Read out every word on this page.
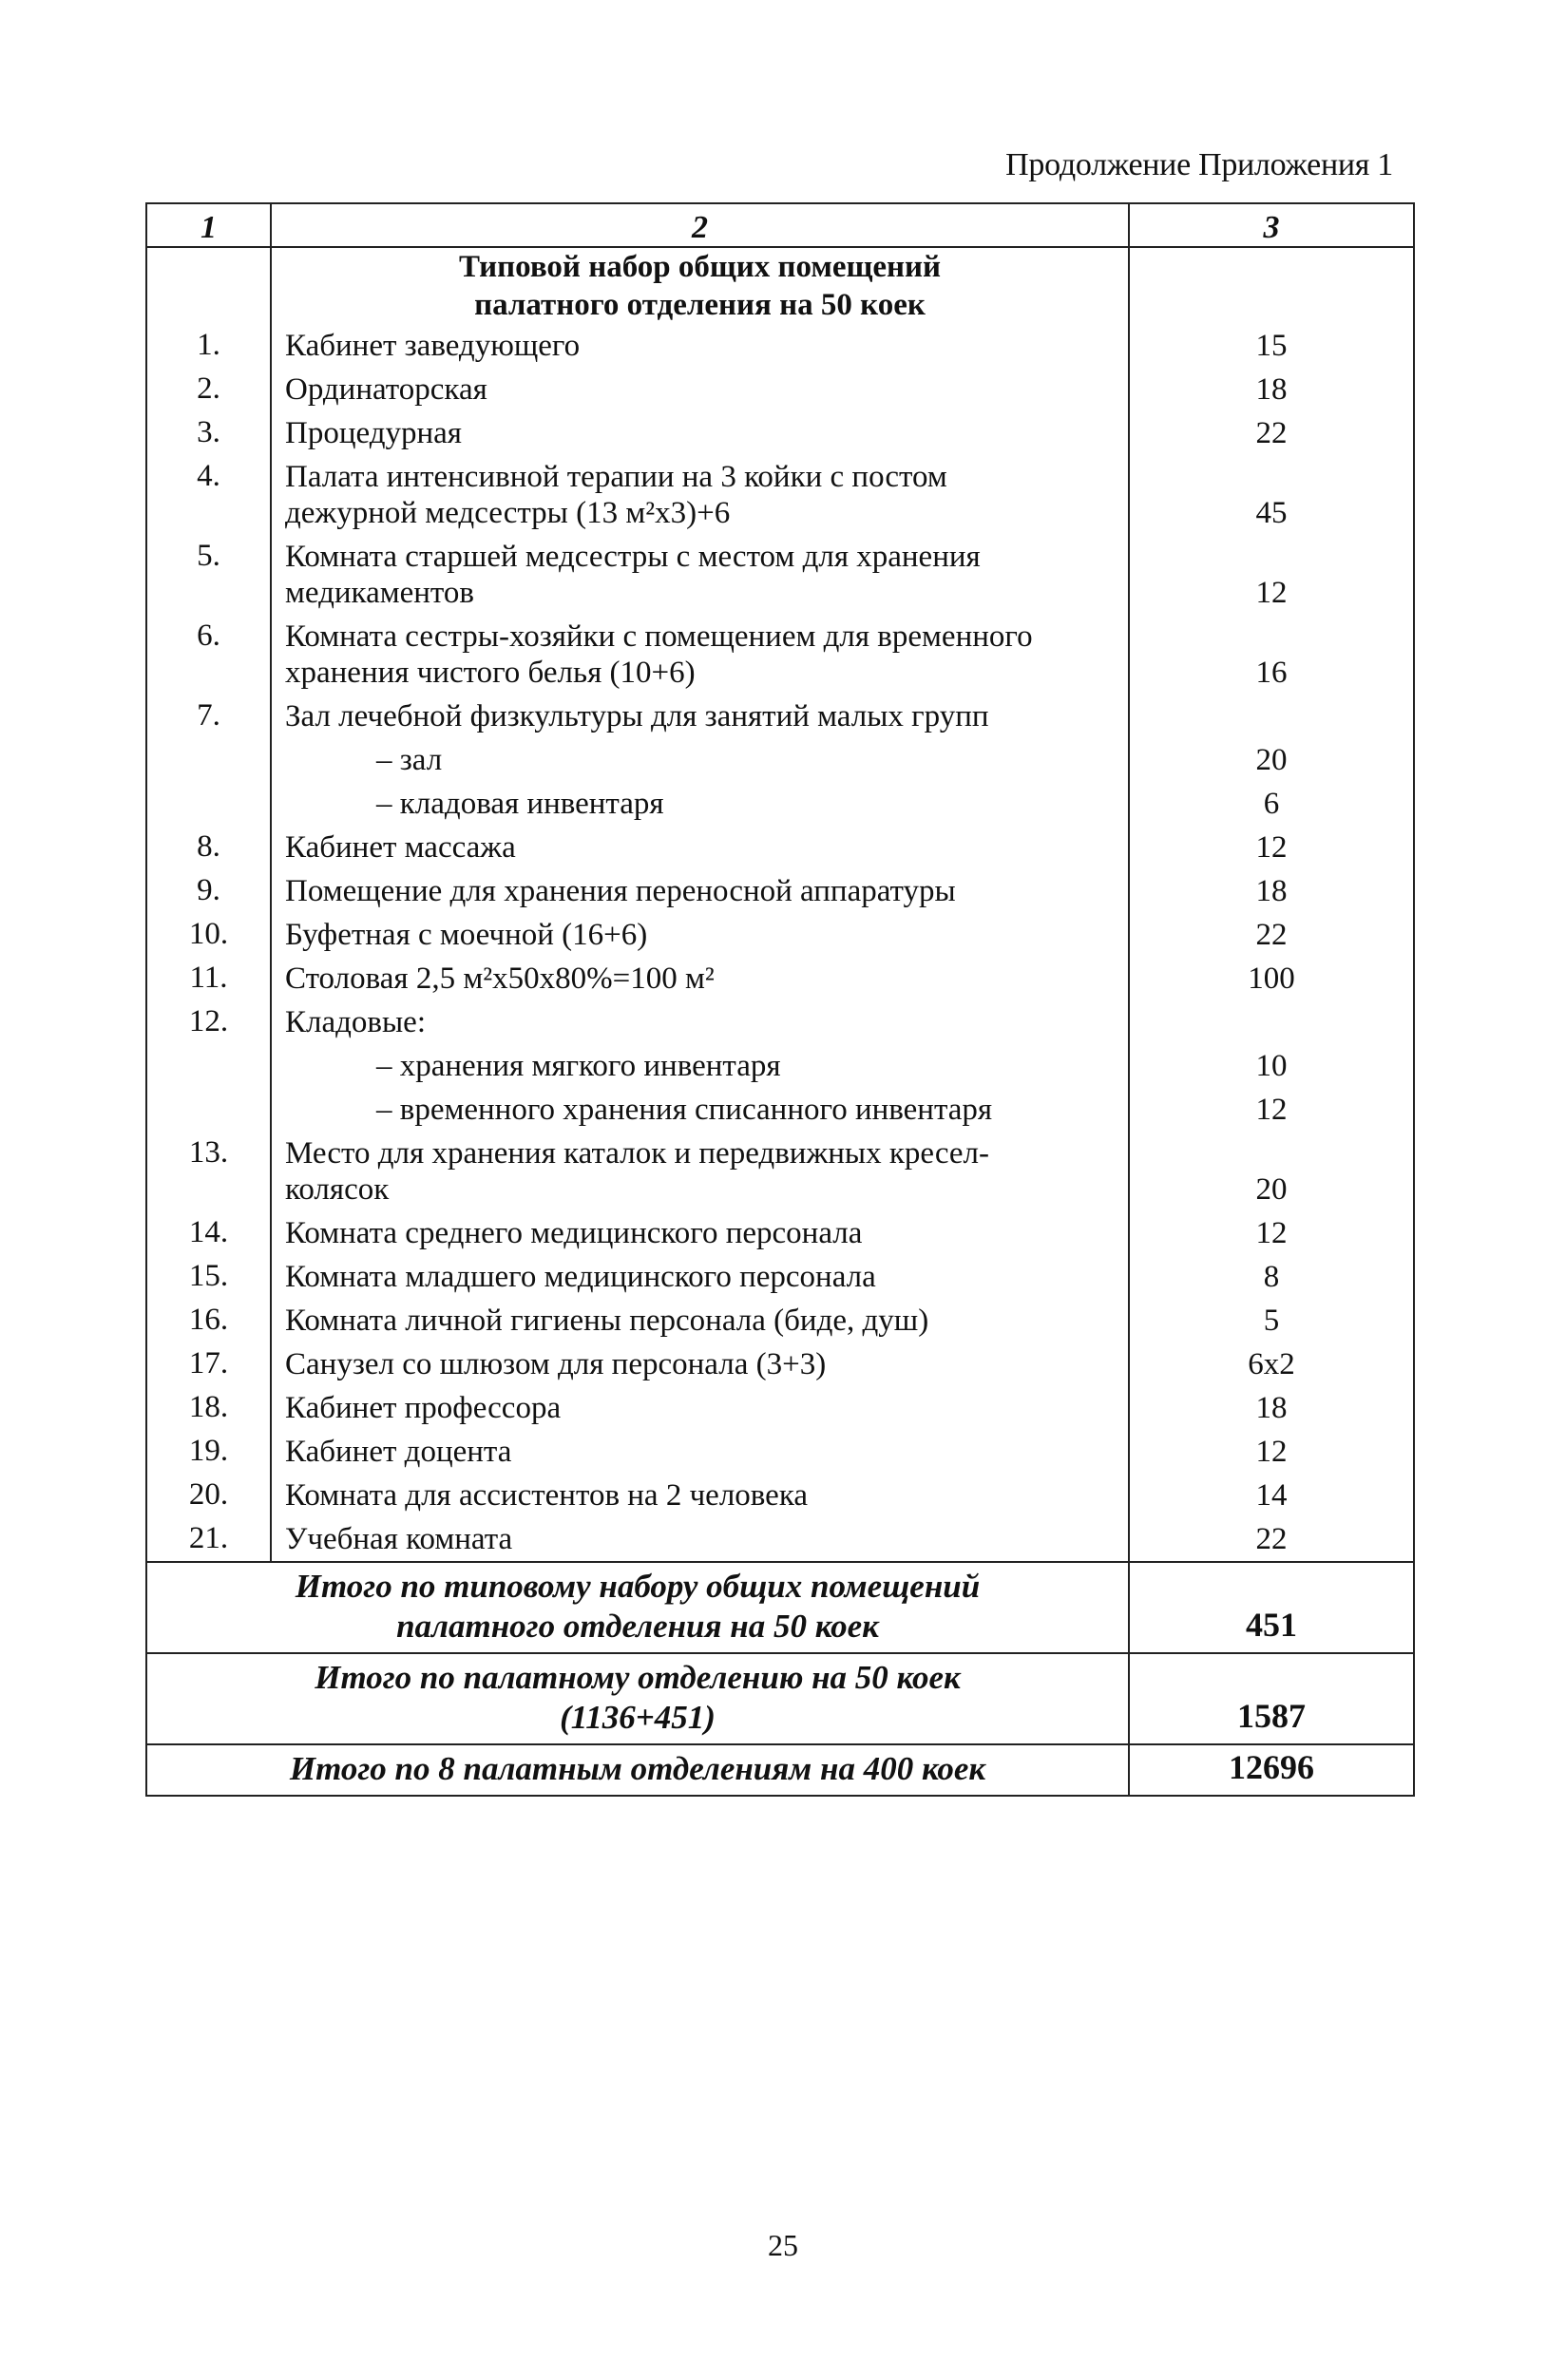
Продолжение Приложения 1
1	2	3

	Типовой набор общих помещений
палатного отделения на 50 коек	

1.	Кабинет заведующего	15
2.	Ординаторская	18
3.	Процедурная	22
4.	Палата интенсивной терапии на 3 койки с постом
дежурной медсестры (13 м²х3)+6	45
5.	Комната старшей медсестры с местом для хранения
медикаментов	12
6.	Комната сестры-хозяйки с помещением для временного
хранения чистого белья (10+6)	16
7.	Зал лечебной физкультуры для занятий малых групп	

	– зал	20

	– кладовая инвентаря	6
8.	Кабинет массажа	12
9.	Помещение для хранения переносной аппаратуры	18
10.	Буфетная с моечной (16+6)	22
11.	Столовая 2,5 м²х50х80%=100 м²	100
12.	Кладовые:	

	– хранения мягкого инвентаря	10

	– временного хранения списанного инвентаря	12
13.	Место для хранения каталок и передвижных кресел-
колясок	20
14.	Комната среднего медицинского персонала	12
15.	Комната младшего медицинского персонала	8
16.	Комната личной гигиены персонала (биде, душ)	5
17.	Санузел со шлюзом для персонала (3+3)	6х2
18.	Кабинет профессора	18
19.	Кабинет доцента	12
20.	Комната для ассистентов на 2 человека	14
21.	Учебная комната	22

Итого по типовому набору общих помещений
палатного отделения на 50 коек		451

Итого по палатному отделению на 50 коек
(1136+451)		1587

Итого по 8 палатным отделениям на 400 коек		12696
25
